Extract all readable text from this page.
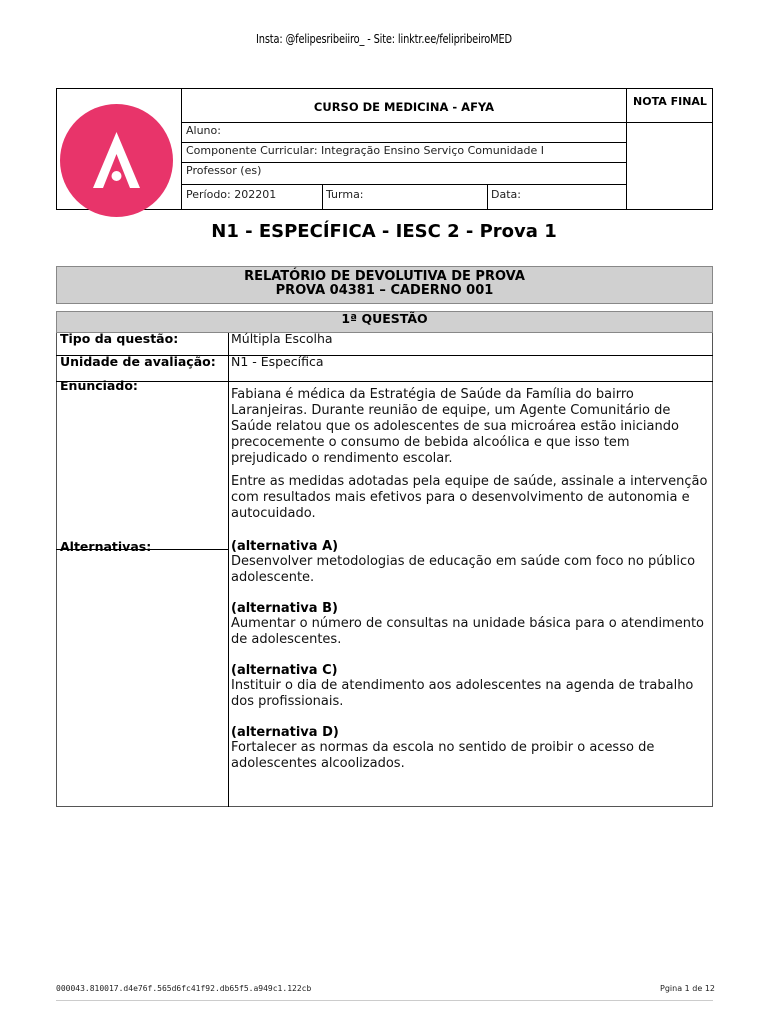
Insta: @felipesribeiiro_ - Site: linktr.ee/felipribeiroMED
CURSO DE MEDICINA - AFYA	NOTA FINAL
Aluno:
Componente Curricular: Integração Ensino Serviço Comunidade I
Professor (es)
Período: 202201	Turma:	Data:
N1 - ESPECÍFICA - IESC 2 - Prova 1
RELATÓRIO DE DEVOLUTIVA DE PROVA
PROVA 04381 – CADERNO 001
1ª QUESTÃO
Tipo da questão:	Múltipla Escolha
Unidade de avaliação: N1 - Específica
Enunciado:
Fabiana é médica da Estratégia de Saúde da Família do bairro Laranjeiras. Durante reunião de equipe, um Agente Comunitário de Saúde relatou que os adolescentes de sua microárea estão iniciando precocemente o consumo de bebida alcoólica e que isso tem prejudicado o rendimento escolar.
Entre as medidas adotadas pela equipe de saúde, assinale a intervenção com resultados mais efetivos para o desenvolvimento de autonomia e autocuidado.
Alternativas:	(alternativa A)
Desenvolver metodologias de educação em saúde com foco no público adolescente.
(alternativa B)
Aumentar o número de consultas na unidade básica para o atendimento de adolescentes.
(alternativa C)
Instituir o dia de atendimento aos adolescentes na agenda de trabalho dos profissionais.
(alternativa D)
Fortalecer as normas da escola no sentido de proibir o acesso de adolescentes alcoolizados.
000043.810017.d4e76f.565d6fc41f92.db65f5.a949c1.122cb	Pgina 1 de 12
